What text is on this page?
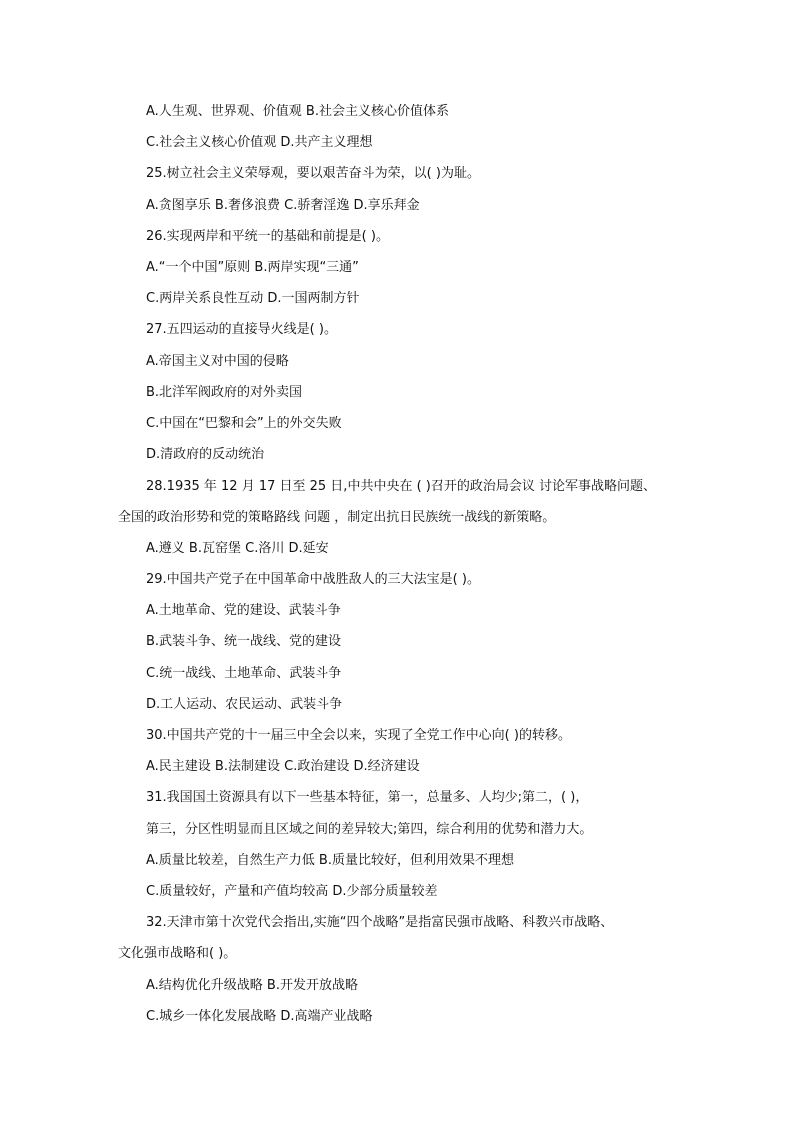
A.人生观、世界观、价值观 B.社会主义核心价值体系
C.社会主义核心价值观 D.共产主义理想
25.树立社会主义荣辱观，要以艰苦奋斗为荣，以( )为耻。
A.贪图享乐 B.奢侈浪费 C.骄奢淫逸 D.享乐拜金
26.实现两岸和平统一的基础和前提是( )。
A.“一个中国”原则 B.两岸实现“三通”
C.两岸关系良性互动 D.一国两制方针
27.五四运动的直接导火线是( )。
A.帝国主义对中国的侵略
B.北洋军阀政府的对外卖国
C.中国在“巴黎和会”上的外交失败
D.清政府的反动统治
28.1935 年 12 月 17 日至 25 日,中共中央在 ( )召开的政治局会议 讨论军事战略问题、
全国的政治形势和党的策略路线 问题 ，制定出抗日民族统一战线的新策略。
A.遵义 B.瓦窑堡 C.洛川 D.延安
29.中国共产党子在中国革命中战胜敌人的三大法宝是( )。
A.土地革命、党的建设、武装斗争
B.武装斗争、统一战线、党的建设
C.统一战线、土地革命、武装斗争
D.工人运动、农民运动、武装斗争
30.中国共产党的十一届三中全会以来，实现了全党工作中心向( )的转移。
A.民主建设 B.法制建设 C.政治建设 D.经济建设
31.我国国土资源具有以下一些基本特征，第一，总量多、人均少;第二，( )，
第三，分区性明显而且区域之间的差异较大;第四，综合利用的优势和潜力大。
A.质量比较差，自然生产力低 B.质量比较好，但利用效果不理想
C.质量较好，产量和产值均较高 D.少部分质量较差
32.天津市第十次党代会指出,实施“四个战略”是指富民强市战略、科教兴市战略、
文化强市战略和( )。
A.结构优化升级战略 B.开发开放战略
C.城乡一体化发展战略 D.高端产业战略
